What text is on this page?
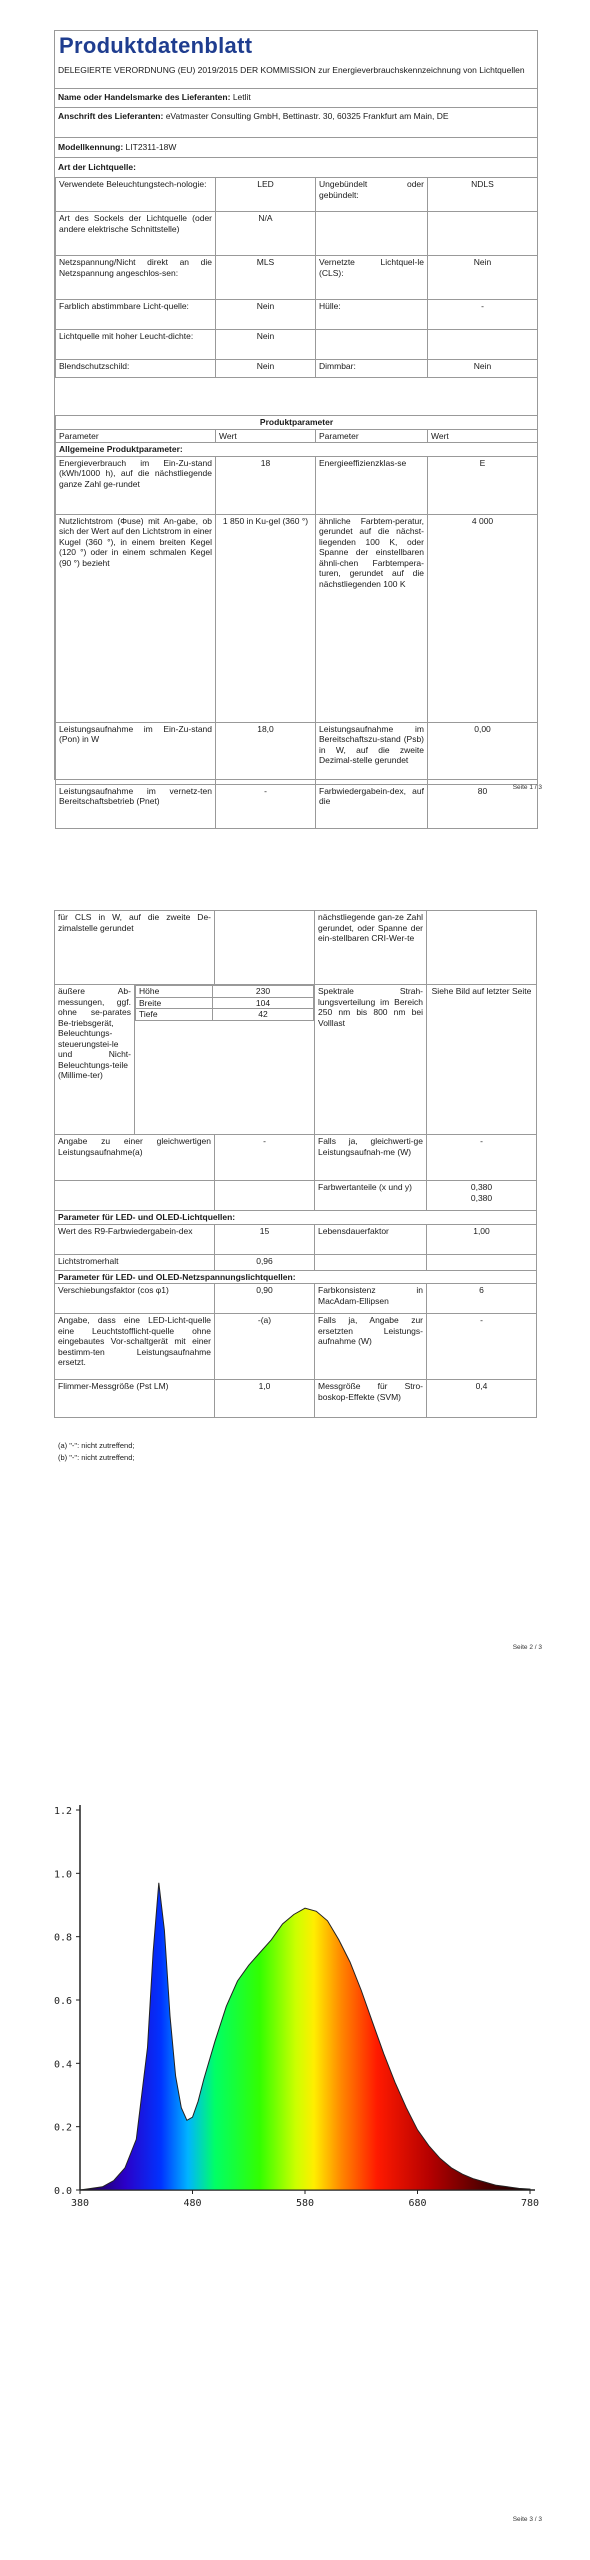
Produktdatenblatt
DELEGIERTE VERORDNUNG (EU) 2019/2015 DER KOMMISSION zur Energieverbrauchskennzeichnung von Lichtquellen
Name oder Handelsmarke des Lieferanten: Letlit
Anschrift des Lieferanten: eVatmaster Consulting GmbH, Bettinastr. 30, 60325 Frankfurt am Main, DE
Modellkennung: LIT2311-18W
Art der Lichtquelle:
Verwendete Beleuchtungstech-nologie:	LED	Ungebündelt oder gebündelt:	NDLS
Art des Sockels der Lichtquelle (oder andere elektrische Schnittstelle)	N/A		
Netzspannung/Nicht direkt an die Netzspannung angeschlos-sen:	MLS	Vernetzte Lichtquel-le (CLS):	Nein
Farblich abstimmbare Licht-quelle:	Nein	Hülle:	-
Lichtquelle mit hoher Leucht-dichte:	Nein		
Blendschutzschild:	Nein	Dimmbar:	Nein
Produktparameter			
Parameter	Wert	Parameter	Wert
Allgemeine Produktparameter:			
Energieverbrauch im Ein-Zu-stand (kWh/1000 h), auf die nächstliegende ganze Zahl ge-rundet	18	Energieeffizienzklas-se	E
Nutzlichtstrom (Φuse) mit An-gabe, ob sich der Wert auf den Lichtstrom in einer Kugel (360 °), in einem breiten Kegel (120 °) oder in einem schmalen Kegel (90 °) bezieht	1 850 in Ku-gel (360 °)	ähnliche Farbtem-peratur, gerundet auf die nächst-liegenden 100 K, oder Spanne der einstellbaren ähnli-chen Farbtempera-turen, gerundet auf die nächstliegenden 100 K	4 000
Leistungsaufnahme im Ein-Zu-stand (Pon) in W	18,0	Leistungsaufnahme im Bereitschaftszu-stand (Psb) in W, auf die zweite Dezimal-stelle gerundet	0,00
Leistungsaufnahme im vernetz-ten Bereitschaftsbetrieb (Pnet)	-	Farbwiedergabein-dex, auf die	80	Seite 1 / 3
für CLS in W, auf die zweite De-zimalstelle gerundet		nächstliegende gan-ze Zahl gerundet, oder Spanne der ein-stellbaren CRI-Wer-te	
äußere Ab-messungen, ggf. ohne se-parates Be-triebsgerät, Beleuchtungs-steuerungstei-le und Nicht-Beleuchtungs-teile (Millime-ter)	
Höhe	230
Breite	104
Tiefe	42
	Spektrale Strah-lungsverteilung im Bereich 250 nm bis 800 nm bei Volllast	Siehe Bild auf letzter Seite
Angabe zu einer gleichwertigen Leistungsaufnahme(a)	-	Falls ja, gleichwerti-ge Leistungsaufnah-me (W)	-
		Farbwertanteile (x und y)	0,380
0,380
Parameter für LED- und OLED-Lichtquellen:
Wert des R9-Farbwiedergabein-dex	15	Lebensdauerfaktor	1,00
Lichtstromerhalt	0,96		
Parameter für LED- und OLED-Netzspannungslichtquellen:
Verschiebungsfaktor (cos φ1)	0,90	Farbkonsistenz in MacAdam-Ellipsen	6
Angabe, dass eine LED-Licht-quelle eine Leuchtstofflicht-quelle ohne eingebautes Vor-schaltgerät mit einer bestimm-ten Leistungsaufnahme ersetzt.	-(a)	Falls ja, Angabe zur ersetzten Leistungs-aufnahme (W)	-
Flimmer-Messgröße (Pst LM)	1,0	Messgröße für Stro-boskop-Effekte (SVM)	0,4
(a) "-": nicht zutreffend;
(b) "-": nicht zutreffend;
Seite 2 / 3
0.0
0.2
0.4
0.6
0.8
1.0
1.2
380	480	580	680	780
Seite 3 / 3
